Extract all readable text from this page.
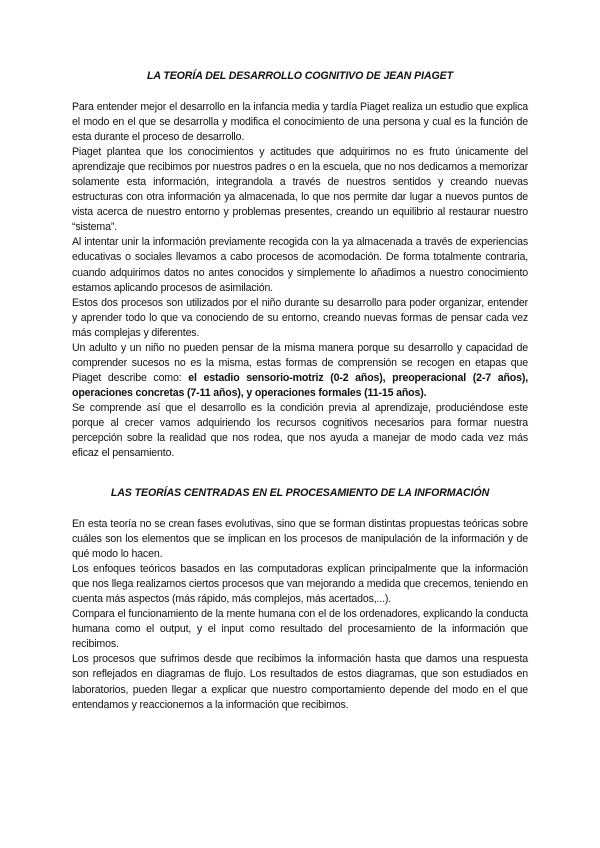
LA TEORÍA DEL DESARROLLO COGNITIVO DE JEAN PIAGET

Para entender mejor el desarrollo en la infancia media y tardía Piaget realiza un estudio que explica el modo en el que se desarrolla y modifica el conocimiento de una persona y cual es la función de esta durante el proceso de desarrollo.

Piaget plantea que los conocimientos y actitudes que adquirimos no es fruto únicamente del aprendizaje que recibimos por nuestros padres o en la escuela, que no nos dedicamos a memorizar solamente esta información, integrandola a través de nuestros sentidos y creando nuevas estructuras con otra información ya almacenada, lo que nos permite dar lugar a nuevos puntos de vista acerca de nuestro entorno y problemas presentes, creando un equilibrio al restaurar nuestro “sistema”.

Al intentar unir la información previamente recogida con la ya almacenada a través de experiencias educativas o sociales llevamos a cabo procesos de acomodación. De forma totalmente contraria, cuando adquirimos datos no antes conocidos y simplemente lo añadimos a nuestro conocimiento estamos aplicando procesos de asimilación.

Estos dos procesos son utilizados por el niño durante su desarrollo para poder organizar, entender y aprender todo lo que va conociendo de su entorno, creando nuevas formas de pensar cada vez más complejas y diferentes.

Un adulto y un niño no pueden pensar de la misma manera porque su desarrollo y capacidad de comprender sucesos no es la misma, estas formas de comprensión se recogen en etapas que Piaget describe como: el estadio sensorio-motriz (0-2 años), preoperacional (2-7 años), operaciones concretas (7-11 años), y operaciones formales (11-15 años).

Se comprende así que el desarrollo es la condición previa al aprendizaje, produciéndose este porque al crecer vamos adquiriendo los recursos cognitivos necesarios para formar nuestra percepción sobre la realidad que nos rodea, que nos ayuda a manejar de modo cada vez más eficaz el pensamiento.

LAS TEORÍAS CENTRADAS EN EL PROCESAMIENTO DE LA INFORMACIÓN

En esta teoría no se crean fases evolutivas, sino que se forman distintas propuestas teóricas sobre cuáles son los elementos que se implican en los procesos de manipulación de la información y de qué modo lo hacen.

Los enfoques teóricos basados en las computadoras explican principalmente que la información que nos llega realizamos ciertos procesos que van mejorando a medida que crecemos, teniendo en cuenta más aspectos (más rápido, más complejos, más acertados,...).

Compara el funcionamiento de la mente humana con el de los ordenadores, explicando la conducta humana como el output, y el input como resultado del procesamiento de la información que recibimos.

Los procesos que sufrimos desde que recibimos la información hasta que damos una respuesta son reflejados en diagramas de flujo. Los resultados de estos diagramas, que son estudiados en laboratorios, pueden llegar a explicar que nuestro comportamiento depende del modo en el que entendamos y reaccionemos a la información que recibimos.
